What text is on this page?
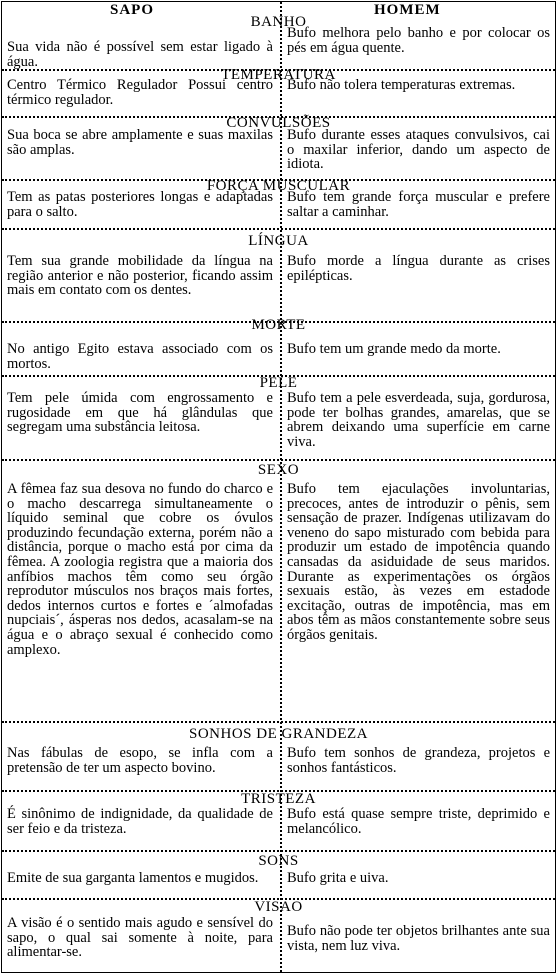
SAPO	HOMEM
BANHO
Sua vida não é possível sem estar ligado à água.
Bufo melhora pelo banho e por colocar os pés em água quente.
TEMPERATURA
Centro Térmico Regulador Possui centro térmico regulador.
Bufo não tolera temperaturas extremas.
CONVULSÕES
Sua boca se abre amplamente e suas maxilas são amplas.
Bufo durante esses ataques convulsivos, cai o maxilar inferior, dando um aspecto de idiota.
FORÇA MUSCULAR
Tem as patas posteriores longas e adaptadas para o salto.
Bufo tem grande força muscular e prefere saltar a caminhar.
LÍNGUA
Tem sua grande mobilidade da língua na região anterior e não posterior, ficando assim mais em contato com os dentes.
Bufo morde a língua durante as crises epilépticas.
MORTE
No antigo Egito estava associado com os mortos.
Bufo tem um grande medo da morte.
PELE
Tem pele úmida com engrossamento e rugosidade em que há glândulas que segregam uma substância leitosa.
Bufo tem a pele esverdeada, suja, gordurosa, pode ter bolhas grandes, amarelas, que se abrem deixando uma superfície em carne viva.
SEXO
A fêmea faz sua desova no fundo do charco e o macho descarrega simultaneamente o líquido seminal que cobre os óvulos produzindo fecundação externa, porém não a distância, porque o macho está por cima da fêmea. A zoologia registra que a maioria dos anfíbios machos têm como seu órgão reprodutor músculos nos braços mais fortes, dedos internos curtos e fortes e ´almofadas nupciais´, ásperas nos dedos, acasalam-se na água e o abraço sexual é conhecido como amplexo.
Bufo tem ejaculações involuntarias, precoces, antes de introduzir o pênis, sem sensação de prazer. Indígenas utilizavam do veneno do sapo misturado com bebida para produzir um estado de impotência quando cansadas da asiduidade de seus maridos. Durante as experimentações os órgãos sexuais estão, às vezes em estadode excitação, outras de impotência, mas em abos têm as mãos constantemente sobre seus órgãos genitais.
SONHOS DE GRANDEZA
Nas fábulas de esopo, se infla com a pretensão de ter um aspecto bovino.
Bufo tem sonhos de grandeza, projetos e sonhos fantásticos.
TRISTEZA
É sinônimo de indignidade, da qualidade de ser feio e da tristeza.
Bufo está quase sempre triste, deprimido e melancólico.
SONS
Emite de sua garganta lamentos e mugidos.	Bufo grita e uiva.
VISAO
A visão é o sentido mais agudo e sensível do sapo, o qual sai somente à noite, para alimentar-se.
Bufo não pode ter objetos brilhantes ante sua vista, nem luz viva.
